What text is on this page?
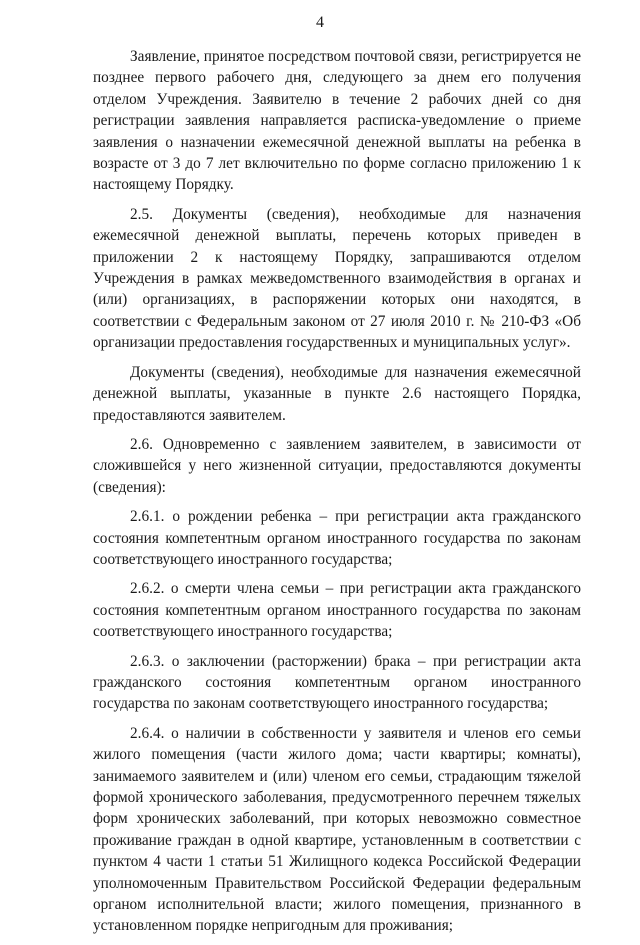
4

Заявление, принятое посредством почтовой связи, регистрируется не позднее первого рабочего дня, следующего за днем его получения отделом Учреждения. Заявителю в течение 2 рабочих дней со дня регистрации заявления направляется расписка-уведомление о приеме заявления о назначении ежемесячной денежной выплаты на ребенка в возрасте от 3 до 7 лет включительно по форме согласно приложению 1 к настоящему Порядку.

2.5. Документы (сведения), необходимые для назначения ежемесячной денежной выплаты, перечень которых приведен в приложении 2 к настоящему Порядку, запрашиваются отделом Учреждения в рамках межведомственного взаимодействия в органах и (или) организациях, в распоряжении которых они находятся, в соответствии с Федеральным законом от 27 июля 2010 г. № 210-ФЗ «Об организации предоставления государственных и муниципальных услуг».

Документы (сведения), необходимые для назначения ежемесячной денежной выплаты, указанные в пункте 2.6 настоящего Порядка, предоставляются заявителем.

2.6. Одновременно с заявлением заявителем, в зависимости от сложившейся у него жизненной ситуации, предоставляются документы (сведения):

2.6.1. о рождении ребенка – при регистрации акта гражданского состояния компетентным органом иностранного государства по законам соответствующего иностранного государства;

2.6.2. о смерти члена семьи – при регистрации акта гражданского состояния компетентным органом иностранного государства по законам соответствующего иностранного государства;

2.6.3. о заключении (расторжении) брака – при регистрации акта гражданского состояния компетентным органом иностранного государства по законам соответствующего иностранного государства;

2.6.4. о наличии в собственности у заявителя и членов его семьи жилого помещения (части жилого дома; части квартиры; комнаты), занимаемого заявителем и (или) членом его семьи, страдающим тяжелой формой хронического заболевания, предусмотренного перечнем тяжелых форм хронических заболеваний, при которых невозможно совместное проживание граждан в одной квартире, установленным в соответствии с пунктом 4 части 1 статьи 51 Жилищного кодекса Российской Федерации уполномоченным Правительством Российской Федерации федеральным органом исполнительной власти; жилого помещения, признанного в установленном порядке непригодным для проживания;
